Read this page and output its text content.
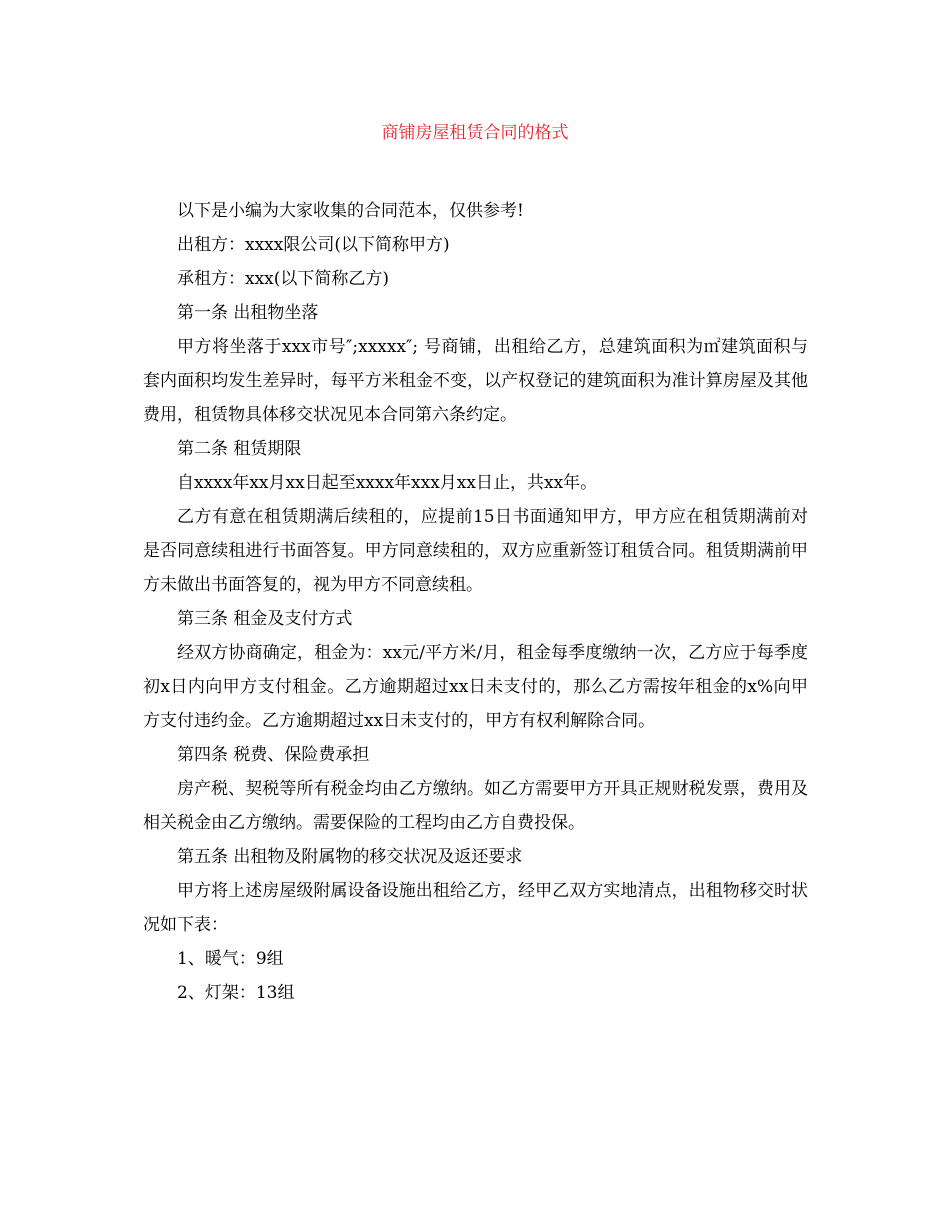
商铺房屋租赁合同的格式

以下是小编为大家收集的合同范本，仅供参考!

出租方：xxxx限公司(以下简称甲方)

承租方：xxx(以下简称乙方)

第一条 出租物坐落

甲方将坐落于xxx市号″;xxxxx″; 号商铺，出租给乙方，总建筑面积为㎡建筑面积与套内面积均发生差异时，每平方米租金不变，以产权登记的建筑面积为准计算房屋及其他费用，租赁物具体移交状况见本合同第六条约定。

第二条 租赁期限

自xxxx年xx月xx日起至xxxx年xxx月xx日止，共xx年。

乙方有意在租赁期满后续租的，应提前15日书面通知甲方，甲方应在租赁期满前对是否同意续租进行书面答复。甲方同意续租的，双方应重新签订租赁合同。租赁期满前甲方未做出书面答复的，视为甲方不同意续租。

第三条 租金及支付方式

经双方协商确定，租金为：xx元/平方米/月，租金每季度缴纳一次，乙方应于每季度初x日内向甲方支付租金。乙方逾期超过xx日未支付的，那么乙方需按年租金的x%向甲方支付违约金。乙方逾期超过xx日未支付的，甲方有权利解除合同。

第四条 税费、保险费承担

房产税、契税等所有税金均由乙方缴纳。如乙方需要甲方开具正规财税发票，费用及相关税金由乙方缴纳。需要保险的工程均由乙方自费投保。

第五条 出租物及附属物的移交状况及返还要求

甲方将上述房屋级附属设备设施出租给乙方，经甲乙双方实地清点，出租物移交时状况如下表：

1、暖气：9组

2、灯架：13组
